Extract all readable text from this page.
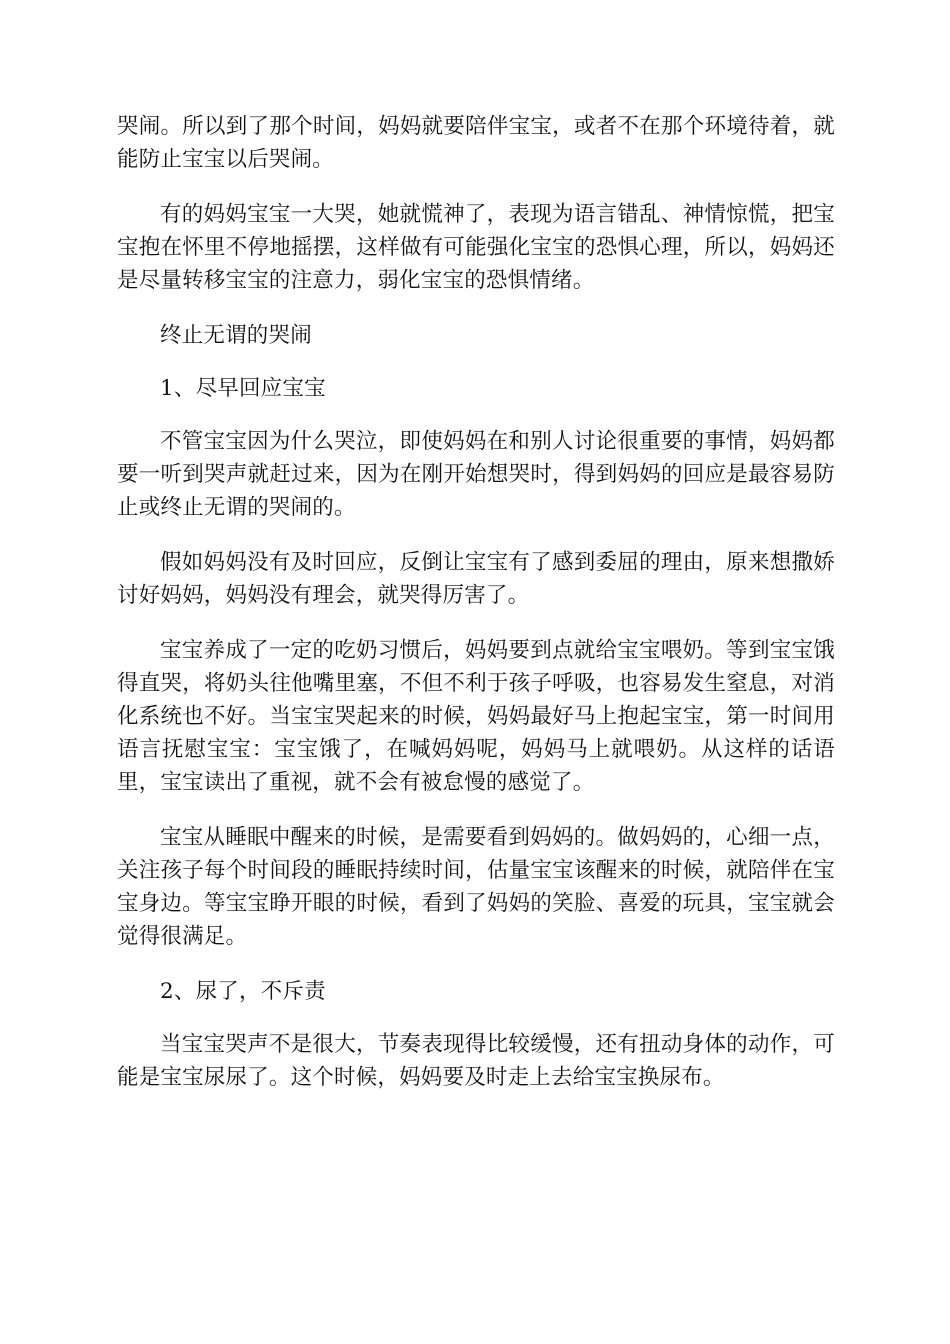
哭闹。所以到了那个时间，妈妈就要陪伴宝宝，或者不在那个环境待着，就能防止宝宝以后哭闹。

有的妈妈宝宝一大哭，她就慌神了，表现为语言错乱、神情惊慌，把宝宝抱在怀里不停地摇摆，这样做有可能强化宝宝的恐惧心理，所以，妈妈还是尽量转移宝宝的注意力，弱化宝宝的恐惧情绪。

终止无谓的哭闹

1、尽早回应宝宝

不管宝宝因为什么哭泣，即使妈妈在和别人讨论很重要的事情，妈妈都要一听到哭声就赶过来，因为在刚开始想哭时，得到妈妈的回应是最容易防止或终止无谓的哭闹的。

假如妈妈没有及时回应，反倒让宝宝有了感到委屈的理由，原来想撒娇讨好妈妈，妈妈没有理会，就哭得厉害了。

宝宝养成了一定的吃奶习惯后，妈妈要到点就给宝宝喂奶。等到宝宝饿得直哭，将奶头往他嘴里塞，不但不利于孩子呼吸，也容易发生窒息，对消化系统也不好。当宝宝哭起来的时候，妈妈最好马上抱起宝宝，第一时间用语言抚慰宝宝：宝宝饿了，在喊妈妈呢，妈妈马上就喂奶。从这样的话语里，宝宝读出了重视，就不会有被怠慢的感觉了。

宝宝从睡眠中醒来的时候，是需要看到妈妈的。做妈妈的，心细一点，关注孩子每个时间段的睡眠持续时间，估量宝宝该醒来的时候，就陪伴在宝宝身边。等宝宝睁开眼的时候，看到了妈妈的笑脸、喜爱的玩具，宝宝就会觉得很满足。

2、尿了，不斥责

当宝宝哭声不是很大，节奏表现得比较缓慢，还有扭动身体的动作，可能是宝宝尿尿了。这个时候，妈妈要及时走上去给宝宝换尿布。
